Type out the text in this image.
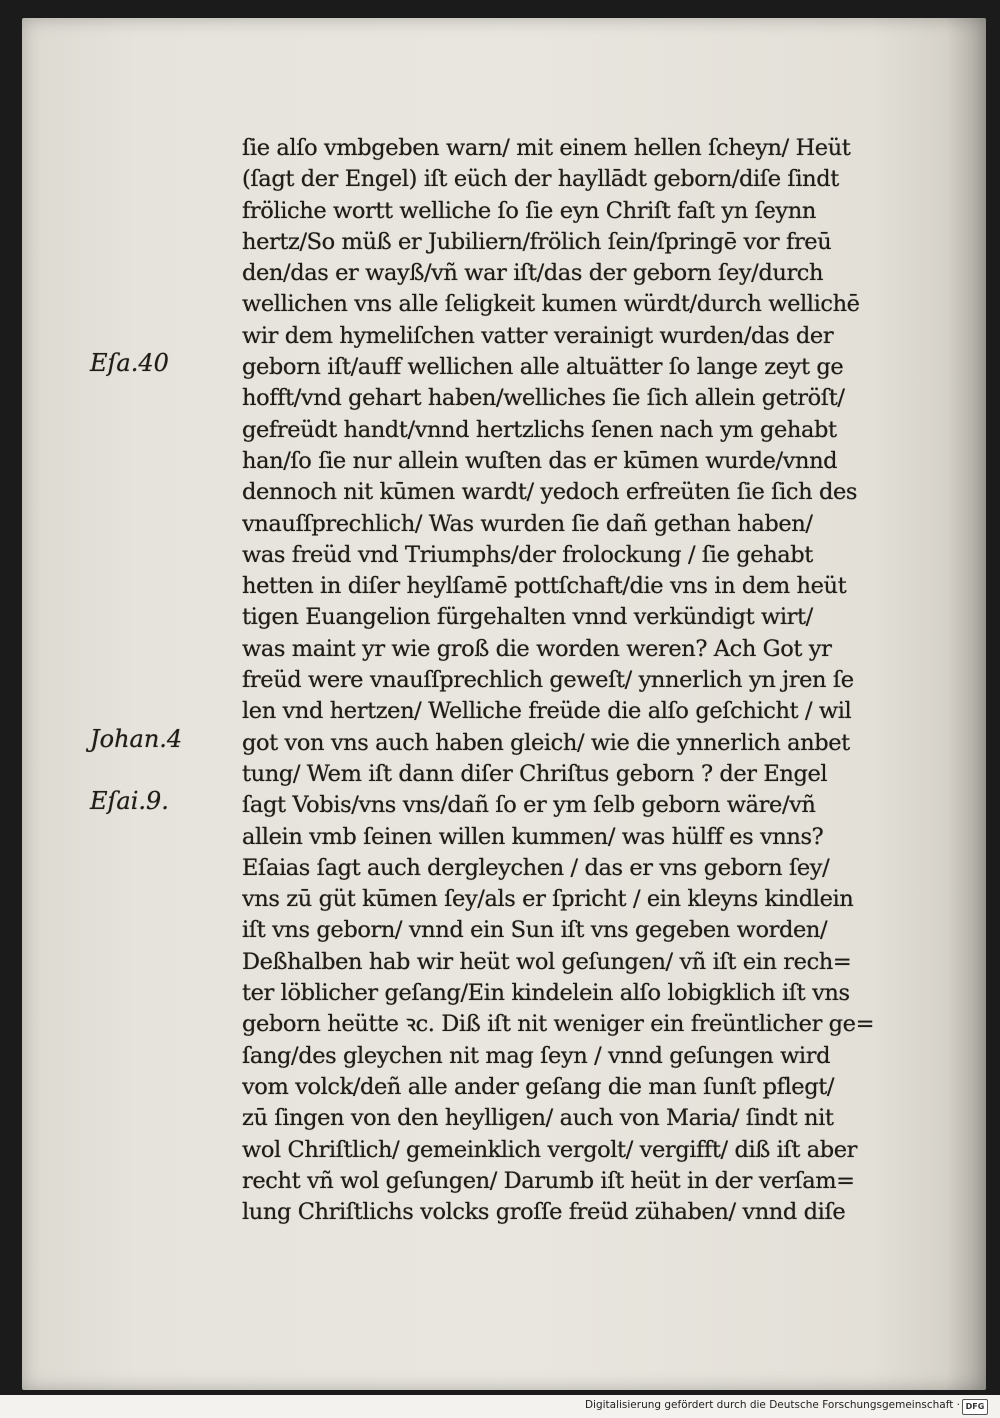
ſie alſo vmbgeben warn/ mit einem hellen ſcheyn/ Heüt
(ſagt der Engel) iſt eüch der hayllādt geborn/diſe ſindt
fröliche wortt welliche ſo ſie eyn Chriſt faſt yn ſeynn
hertz/So müß er Jubiliern/frölich ſein/ſpringē vor freū
den/das er wayß/vñ war iſt/das der geborn ſey/durch
wellichen vns alle ſeligkeit kumen würdt/durch wellichē
wir dem hymeliſchen vatter verainigt wurden/das der
geborn iſt/auff wellichen alle altuätter ſo lange zeyt ge
hofft/vnd gehart haben/welliches ſie ſich allein getröſt/
gefreüdt handt/vnnd hertzlichs ſenen nach ym gehabt
han/ſo ſie nur allein wuſten das er kūmen wurde/vnnd
dennoch nit kūmen wardt/ yedoch erfreüten ſie ſich des
vnauſſprechlich/ Was wurden ſie dañ gethan haben/
was freüd vnd Triumphs/der frolockung / ſie gehabt
hetten in diſer heylſamē pottſchaft/die vns in dem heüt
tigen Euangelion fürgehalten vnnd verkündigt wirt/
was maint yr wie groß die worden weren? Ach Got yr
freüd were vnauſſprechlich geweſt/ ynnerlich yn jren ſe
len vnd hertzen/ Welliche freüde die alſo geſchicht / wil
got von vns auch haben gleich/ wie die ynnerlich anbet
tung/ Wem iſt dann diſer Chriſtus geborn ? der Engel
ſagt Vobis/vns vns/dañ ſo er ym ſelb geborn wäre/vñ
allein vmb ſeinen willen kummen/ was hülff es vnns?
Eſaias ſagt auch dergleychen / das er vns geborn ſey/
vns zū güt kūmen ſey/als er ſpricht / ein kleyns kindlein
iſt vns geborn/ vnnd ein Sun iſt vns gegeben worden/
Deßhalben hab wir heüt wol geſungen/ vñ iſt ein rech=
ter löblicher geſang/Ein kindelein alſo lobigklich iſt vns
geborn heütte ꝛc. Diß iſt nit weniger ein freüntlicher ge=
ſang/des gleychen nit mag ſeyn / vnnd geſungen wird
vom volck/deñ alle ander geſang die man ſunſt pflegt/
zū ſingen von den heylligen/ auch von Maria/ ſindt nit
wol Chriſtlich/ gemeinklich vergolt/ vergifft/ diß iſt aber
recht vñ wol geſungen/ Darumb iſt heüt in der verſam=
lung Chriſtlichs volcks groſſe freüd zühaben/ vnnd diſe
Eſa.40
Johan.4
Eſai.9.
Digitalisierung gefördert durch die Deutsche Forschungsgemeinschaft · DFG
